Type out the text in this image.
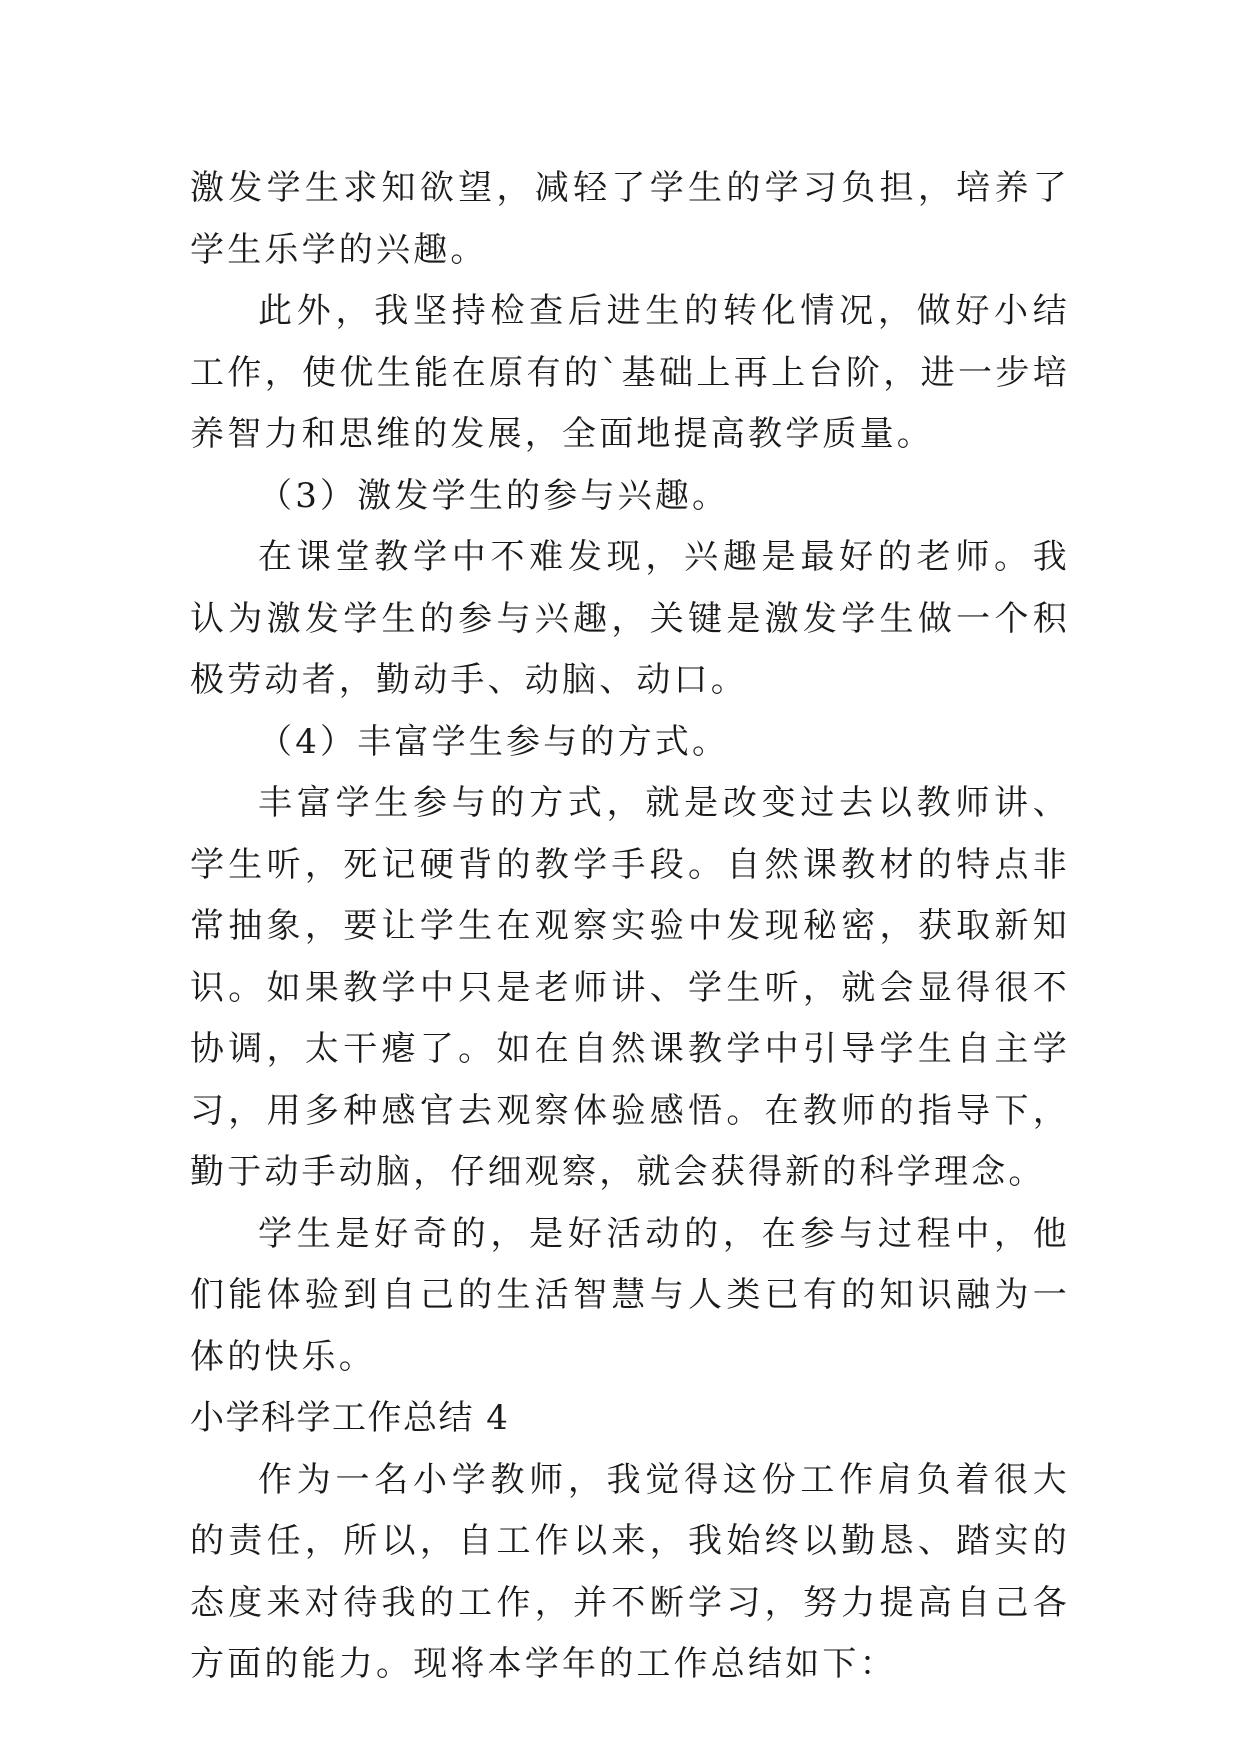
激发学生求知欲望，减轻了学生的学习负担，培养了学生乐学的兴趣。

此外，我坚持检查后进生的转化情况，做好小结工作，使优生能在原有的`基础上再上台阶，进一步培养智力和思维的发展，全面地提高教学质量。

（3）激发学生的参与兴趣。

在课堂教学中不难发现，兴趣是最好的老师。我认为激发学生的参与兴趣，关键是激发学生做一个积极劳动者，勤动手、动脑、动口。

（4）丰富学生参与的方式。

丰富学生参与的方式，就是改变过去以教师讲、学生听，死记硬背的教学手段。自然课教材的特点非常抽象，要让学生在观察实验中发现秘密，获取新知识。如果教学中只是老师讲、学生听，就会显得很不协调，太干瘪了。如在自然课教学中引导学生自主学习，用多种感官去观察体验感悟。在教师的指导下，勤于动手动脑，仔细观察，就会获得新的科学理念。

学生是好奇的，是好活动的，在参与过程中，他们能体验到自己的生活智慧与人类已有的知识融为一体的快乐。

小学科学工作总结 4

作为一名小学教师，我觉得这份工作肩负着很大的责任，所以，自工作以来，我始终以勤恳、踏实的态度来对待我的工作，并不断学习，努力提高自己各方面的能力。现将本学年的工作总结如下：
